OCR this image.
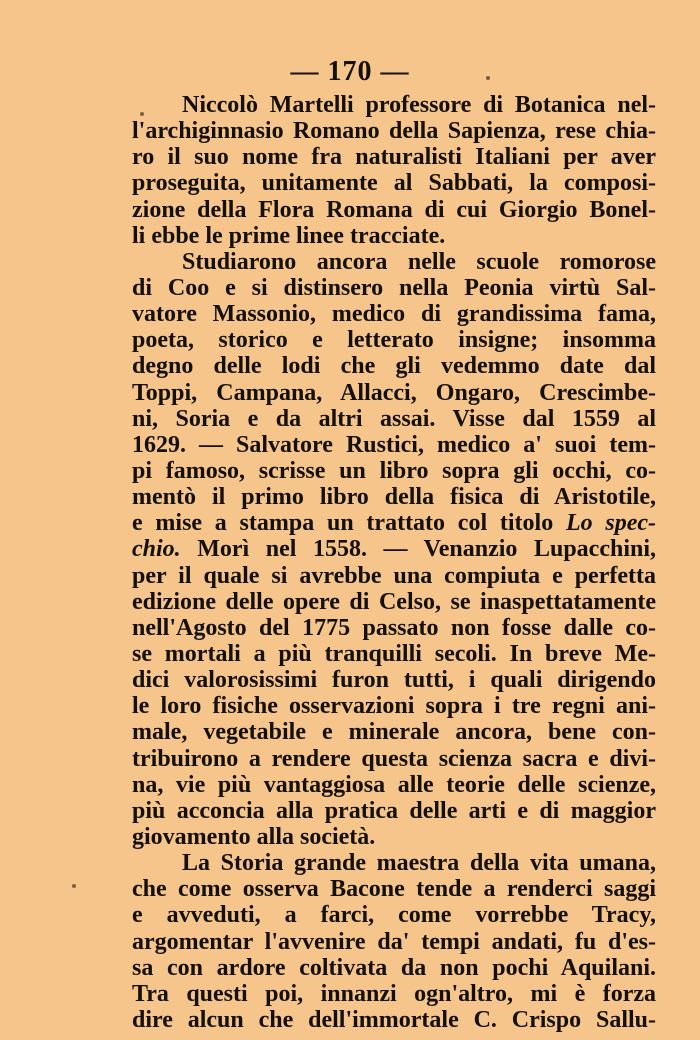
— 170 —
Niccolò Martelli professore di Botanica nel-
l'archiginnasio Romano della Sapienza, rese chia-
ro il suo nome fra naturalisti Italiani per aver
proseguita, unitamente al Sabbati, la composi-
zione della Flora Romana di cui Giorgio Bonel-
li ebbe le prime linee tracciate.
Studiarono ancora nelle scuole romorose
di Coo e si distinsero nella Peonia virtù Sal-
vatore Massonio, medico di grandissima fama,
poeta, storico e letterato insigne; insomma
degno delle lodi che gli vedemmo date dal
Toppi, Campana, Allacci, Ongaro, Crescimbe-
ni, Soria e da altri assai. Visse dal 1559 al
1629. — Salvatore Rustici, medico a' suoi tem-
pi famoso, scrisse un libro sopra gli occhi, co-
mentò il primo libro della fisica di Aristotile,
e mise a stampa un trattato col titolo Lo spec-
chio. Morì nel 1558. — Venanzio Lupacchini,
per il quale si avrebbe una compiuta e perfetta
edizione delle opere di Celso, se inaspettatamente
nell'Agosto del 1775 passato non fosse dalle co-
se mortali a più tranquilli secoli. In breve Me-
dici valorosissimi furon tutti, i quali dirigendo
le loro fisiche osservazioni sopra i tre regni ani-
male, vegetabile e minerale ancora, bene con-
tribuirono a rendere questa scienza sacra e divi-
na, vie più vantaggiosa alle teorie delle scienze,
più acconcia alla pratica delle arti e di maggior
giovamento alla società.
La Storia grande maestra della vita umana,
che come osserva Bacone tende a renderci saggi
e avveduti, a farci, come vorrebbe Tracy,
argomentar l'avvenire da' tempi andati, fu d'es-
sa con ardore coltivata da non pochi Aquilani.
Tra questi poi, innanzi ogn'altro, mi è forza
dire alcun che dell'immortale C. Crispo Sallu-
